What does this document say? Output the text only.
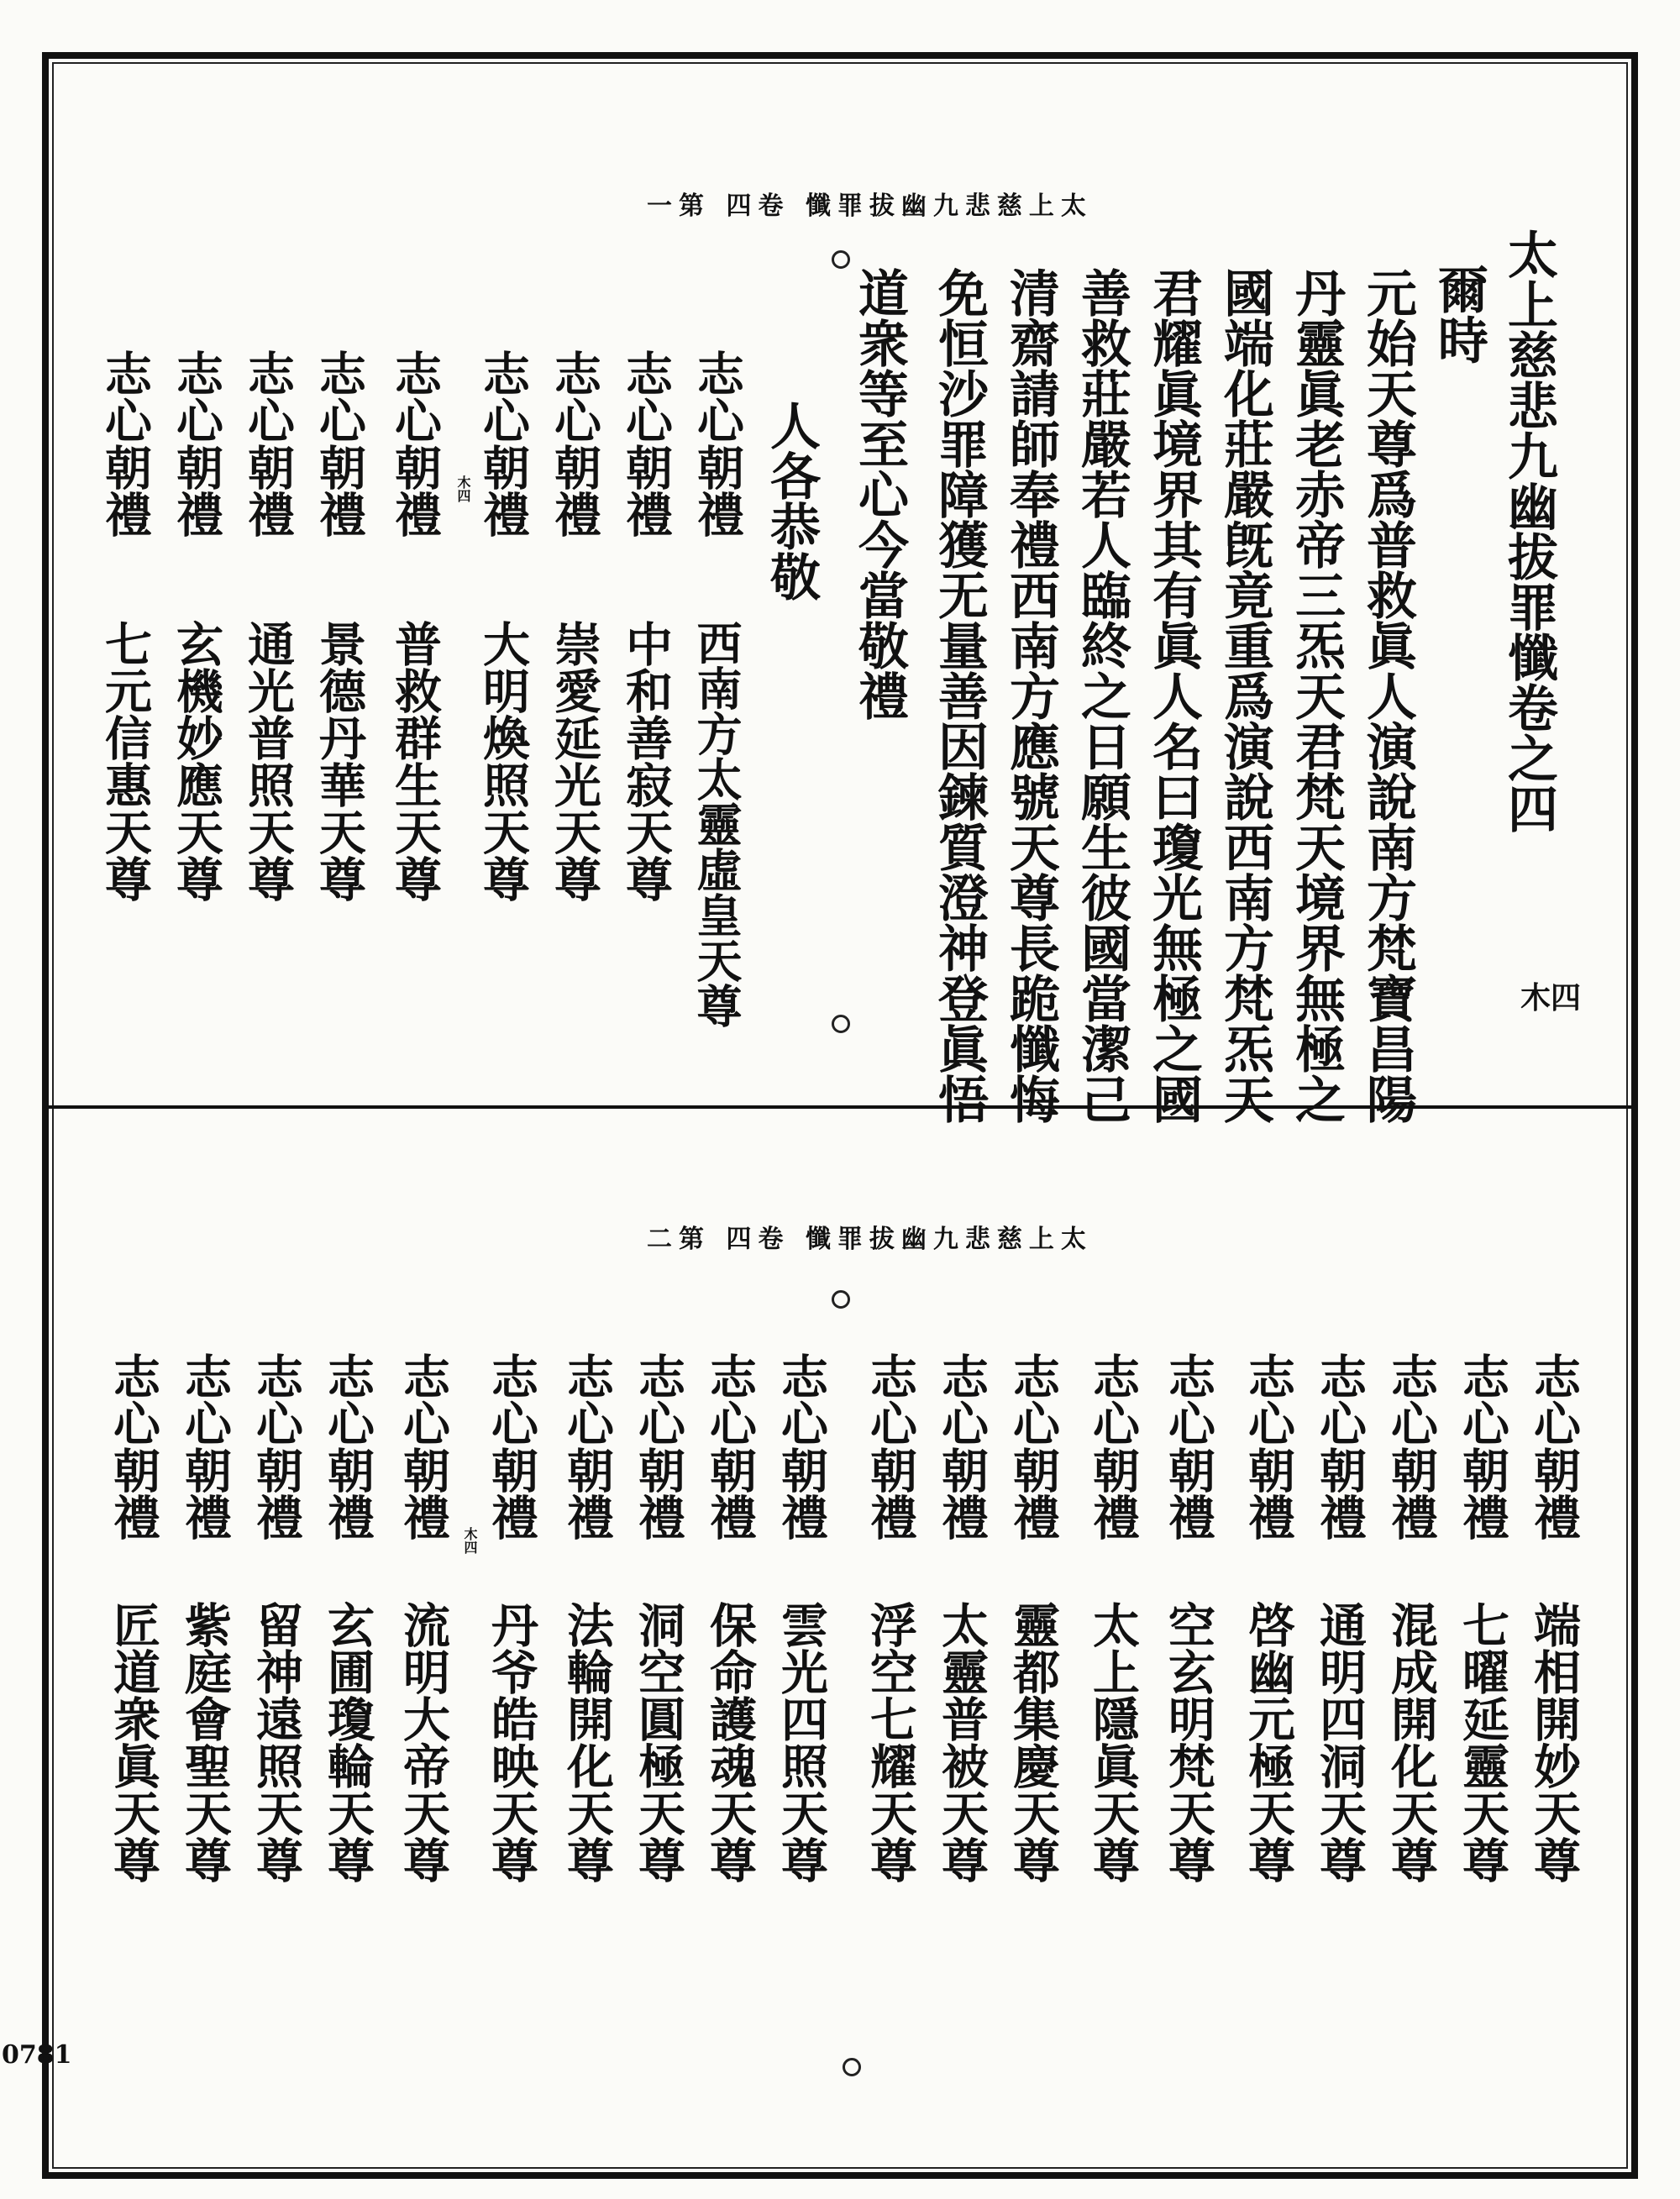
0781
太上慈悲九幽拔罪懺 卷四 第一
木四
太上慈悲九幽拔罪懺卷之四
爾時
元始天尊爲普救眞人演說南方梵寶昌陽
丹靈眞老赤帝三炁天君梵天境界無極之
國端化莊嚴旣竟重爲演說西南方梵炁天
君耀眞境界其有眞人名曰瓊光無極之國
善救莊嚴若人臨終之日願生彼國當潔己
清齋請師奉禮西南方應號天尊長跪懺悔
免恒沙罪障獲无量善因鍊質澄神登眞悟
道衆等至心今當敬禮
人各恭敬
志心朝禮
西南方太靈虛皇天尊
志心朝禮
中和善寂天尊
志心朝禮
崇愛延光天尊
志心朝禮
大明煥照天尊
志心朝禮
普救群生天尊
志心朝禮
景德丹華天尊
志心朝禮
通光普照天尊
志心朝禮
玄機妙應天尊
志心朝禮
七元信惠天尊
木四
太上慈悲九幽拔罪懺 卷四 第二
志心朝禮
端相開妙天尊
志心朝禮
七曜延靈天尊
志心朝禮
混成開化天尊
志心朝禮
通明四洞天尊
志心朝禮
啓幽元極天尊
志心朝禮
空玄明梵天尊
志心朝禮
太上隱眞天尊
志心朝禮
靈都集慶天尊
志心朝禮
太靈普被天尊
志心朝禮
浮空七耀天尊
志心朝禮
雲光四照天尊
志心朝禮
保命護魂天尊
志心朝禮
洞空圓極天尊
志心朝禮
法輪開化天尊
志心朝禮
丹爷皓映天尊
志心朝禮
流明大帝天尊
志心朝禮
玄圃瓊輪天尊
志心朝禮
留神遠照天尊
志心朝禮
紫庭會聖天尊
志心朝禮
匠道衆眞天尊
木四
